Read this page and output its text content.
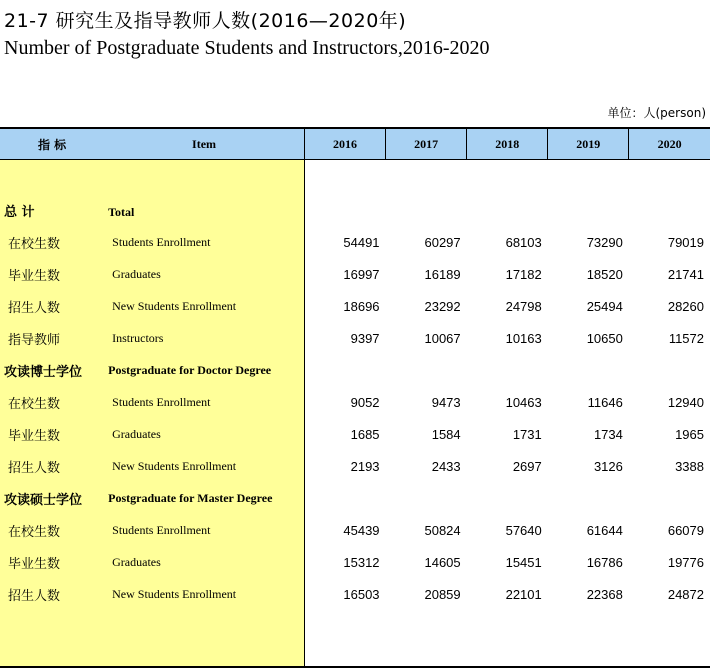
21-7 研究生及指导教师人数(2016—2020年)
Number of Postgraduate Students and Instructors,2016-2020
单位：人(person)
指 标	Item	2016	2017	2018	2019	2020
总 计	Total					
在校生数	Students Enrollment	54491	60297	68103	73290	79019
毕业生数	Graduates	16997	16189	17182	18520	21741
招生人数	New Students Enrollment	18696	23292	24798	25494	28260
指导教师	Instructors	9397	10067	10163	10650	11572
攻读博士学位	Postgraduate for Doctor Degree					
在校生数	Students Enrollment	9052	9473	10463	11646	12940
毕业生数	Graduates	1685	1584	1731	1734	1965
招生人数	New Students Enrollment	2193	2433	2697	3126	3388
攻读硕士学位	Postgraduate for Master Degree					
在校生数	Students Enrollment	45439	50824	57640	61644	66079
毕业生数	Graduates	15312	14605	15451	16786	19776
招生人数	New Students Enrollment	16503	20859	22101	22368	24872
